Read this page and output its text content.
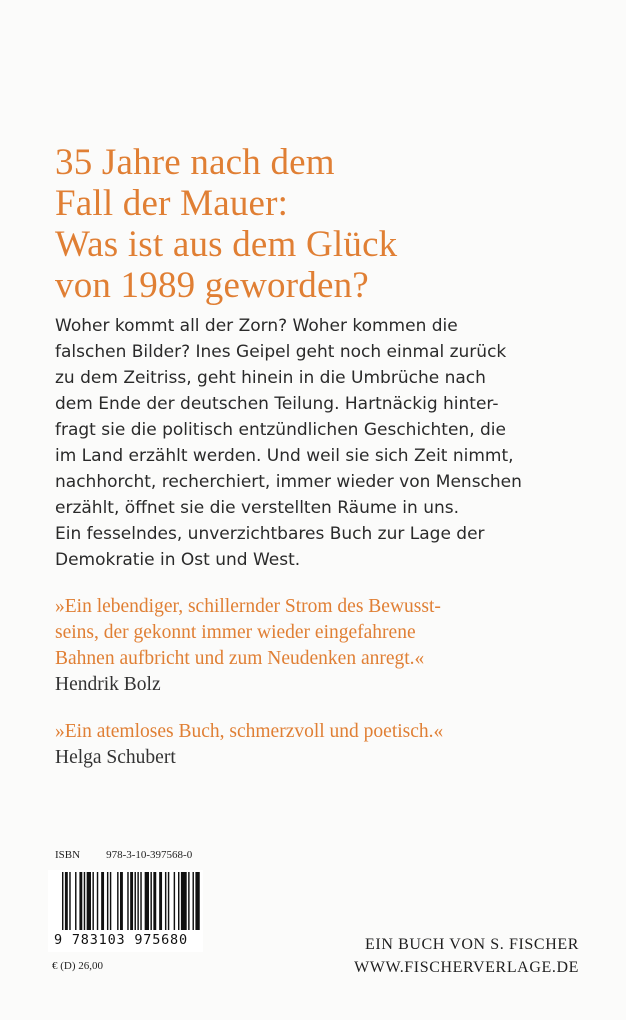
35 Jahre nach dem
Fall der Mauer:
Was ist aus dem Glück
von 1989 geworden?
Woher kommt all der Zorn? Woher kommen die
falschen Bilder? Ines Geipel geht noch einmal zurück
zu dem Zeitriss, geht hinein in die Umbrüche nach
dem Ende der deutschen Teilung. Hartnäckig hinter-
fragt sie die politisch entzündlichen Geschichten, die
im Land erzählt werden. Und weil sie sich Zeit nimmt,
nachhorcht, recherchiert, immer wieder von Menschen
erzählt, öffnet sie die verstellten Räume in uns.
Ein fesselndes, unverzichtbares Buch zur Lage der
Demokratie in Ost und West.
»Ein lebendiger, schillernder Strom des Bewusst-
seins, der gekonnt immer wieder eingefahrene
Bahnen aufbricht und zum Neudenken anregt.«
Hendrik Bolz
»Ein atemloses Buch, schmerzvoll und poetisch.«
Helga Schubert
ISBN 978-3-10-397568-0
9 783103 975680
€ (D) 26,00
EIN BUCH VON S. FISCHER
WWW.FISCHERVERLAGE.DE
